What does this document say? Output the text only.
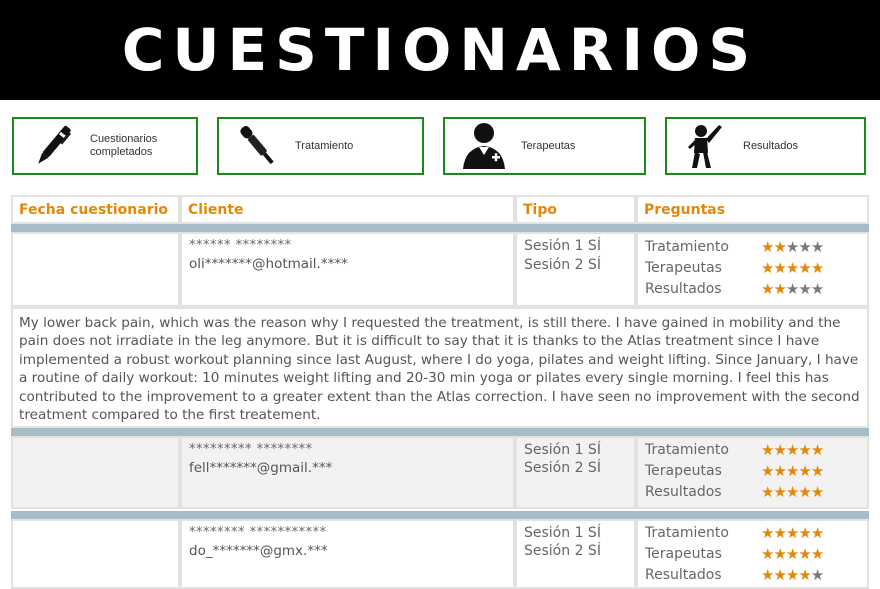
CUESTIONARIOS
Cuestionarios
completados
Tratamiento	Terapeutas	Resultados
Fecha cuestionario	Cliente	Tipo	Preguntas
****** ********
oli*******@hotmail.****
Sesión 1 SÍ
Sesión 2 SÍ
Tratamiento ★★★★★
Terapeutas	★★★★★
Resultados	★★★★★
My lower back pain, which was the reason why I requested the treatment, is still there. I have gained in mobility and the pain does not irradiate in the leg anymore. But it is difficult to say that it is thanks to the Atlas treatment since I have implemented a robust workout planning since last August, where I do yoga, pilates and weight lifting. Since January, I have a routine of daily workout: 10 minutes weight lifting and 20-30 min yoga or pilates every single morning. I feel this has contributed to the improvement to a greater extent than the Atlas correction. I have seen no improvement with the second treatment compared to the first treatement.
********* ********
fell*******@gmail.***
Sesión 1 SÍ
Sesión 2 SÍ
Tratamiento ★★★★★
Terapeutas	★★★★★
Resultados	★★★★★
******** ***********
do_*******@gmx.***
Sesión 1 SÍ
Sesión 2 SÍ
Tratamiento ★★★★★
Terapeutas	★★★★★
Resultados	★★★★★
